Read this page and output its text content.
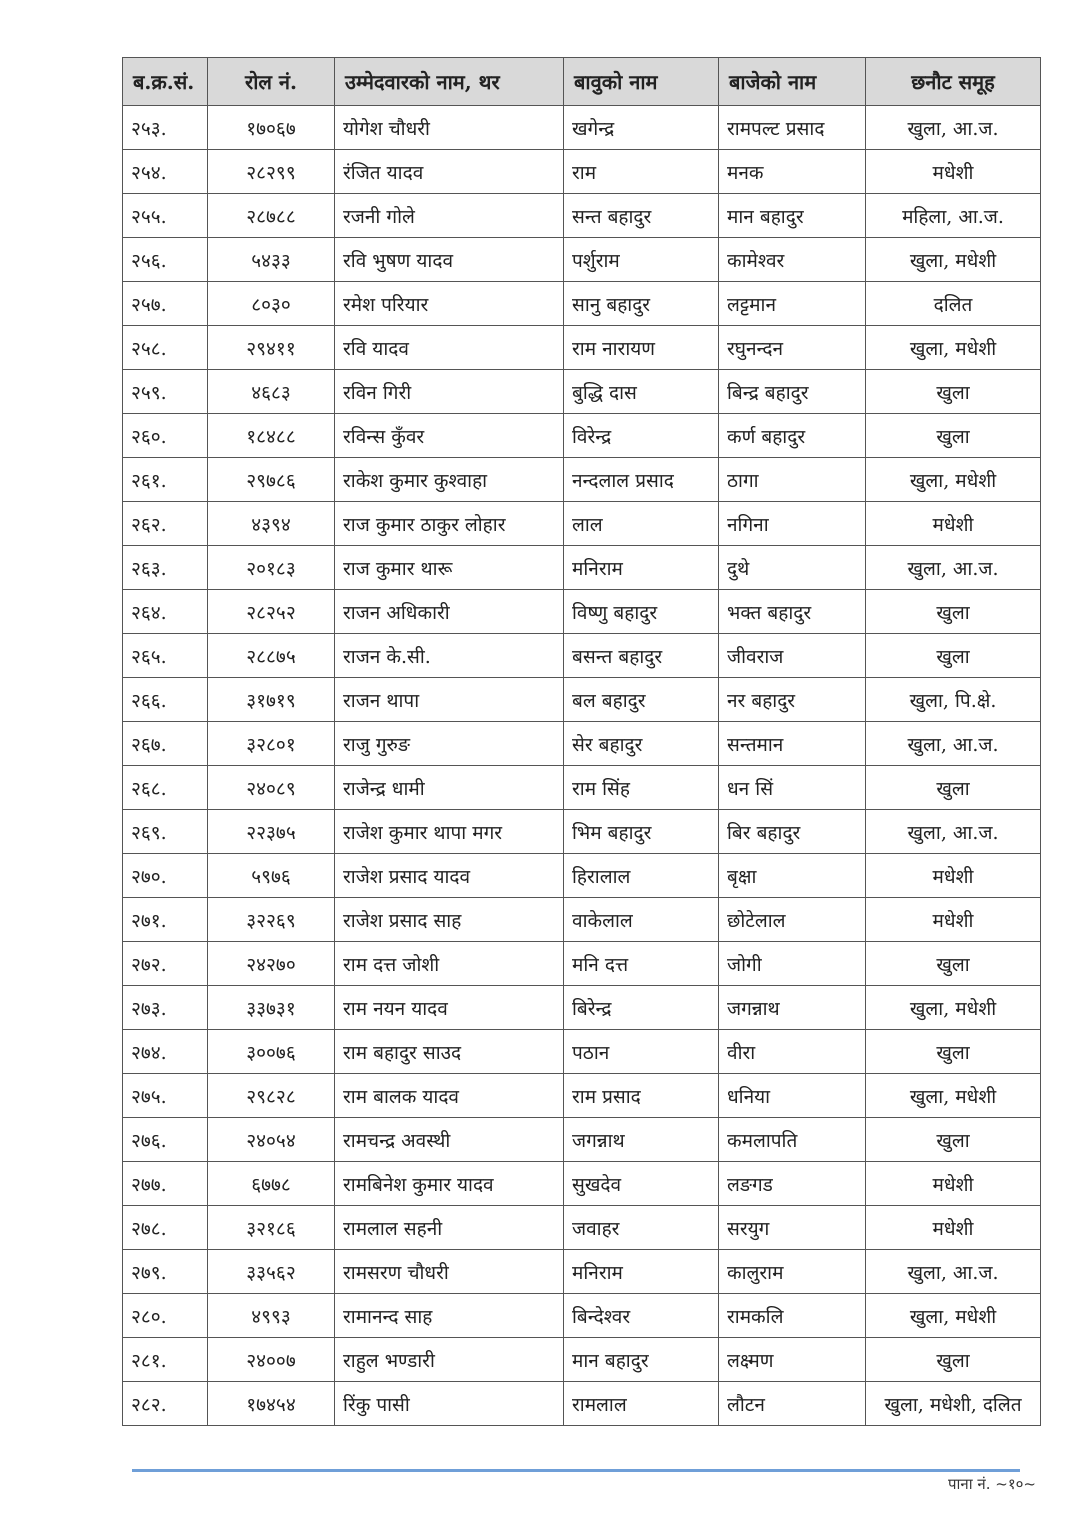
ब.क्र.सं.	रोल नं.	उम्मेदवारको नाम, थर	बावुको नाम	बाजेको नाम	छनौट समूह
२५३.	१७०६७	योगेश चौधरी	खगेन्द्र	रामपल्ट प्रसाद	खुला, आ.ज.
२५४.	२८२९९	रंजित यादव	राम	मनक	मधेशी
२५५.	२८७८८	रजनी गोले	सन्त बहादुर	मान बहादुर	महिला, आ.ज.
२५६.	५४३३	रवि भुषण यादव	पर्शुराम	कामेश्वर	खुला, मधेशी
२५७.	८०३०	रमेश परियार	सानु बहादुर	लट्टमान	दलित
२५८.	२९४११	रवि यादव	राम नारायण	रघुनन्दन	खुला, मधेशी
२५९.	४६८३	रविन गिरी	बुद्धि दास	बिन्द्र बहादुर	खुला
२६०.	१८४८८	रविन्स कुँवर	विरेन्द्र	कर्ण बहादुर	खुला
२६१.	२९७८६	राकेश कुमार कुश्वाहा	नन्दलाल प्रसाद	ठागा	खुला, मधेशी
२६२.	४३९४	राज कुमार ठाकुर लोहार	लाल	नगिना	मधेशी
२६३.	२०१८३	राज कुमार थारू	मनिराम	दुथे	खुला, आ.ज.
२६४.	२८२५२	राजन अधिकारी	विष्णु बहादुर	भक्त बहादुर	खुला
२६५.	२८८७५	राजन के.सी.	बसन्त बहादुर	जीवराज	खुला
२६६.	३१७१९	राजन थापा	बल बहादुर	नर बहादुर	खुला, पि.क्षे.
२६७.	३२८०१	राजु गुरुङ	सेर बहादुर	सन्तमान	खुला, आ.ज.
२६८.	२४०८९	राजेन्द्र धामी	राम सिंह	धन सिं	खुला
२६९.	२२३७५	राजेश कुमार थापा मगर	भिम बहादुर	बिर बहादुर	खुला, आ.ज.
२७०.	५९७६	राजेश प्रसाद यादव	हिरालाल	बृक्षा	मधेशी
२७१.	३२२६९	राजेश प्रसाद साह	वाकेलाल	छोटेलाल	मधेशी
२७२.	२४२७०	राम दत्त जोशी	मनि दत्त	जोगी	खुला
२७३.	३३७३१	राम नयन यादव	बिरेन्द्र	जगन्नाथ	खुला, मधेशी
२७४.	३००७६	राम बहादुर साउद	पठान	वीरा	खुला
२७५.	२९८२८	राम बालक यादव	राम प्रसाद	धनिया	खुला, मधेशी
२७६.	२४०५४	रामचन्द्र अवस्थी	जगन्नाथ	कमलापति	खुला
२७७.	६७७८	रामबिनेश कुमार यादव	सुखदेव	लङगड	मधेशी
२७८.	३२१८६	रामलाल सहनी	जवाहर	सरयुग	मधेशी
२७९.	३३५६२	रामसरण चौधरी	मनिराम	कालुराम	खुला, आ.ज.
२८०.	४९९३	रामानन्द साह	बिन्देश्वर	रामकलि	खुला, मधेशी
२८१.	२४००७	राहुल भण्डारी	मान बहादुर	लक्ष्मण	खुला
२८२.	१७४५४	रिंकु पासी	रामलाल	लौटन	खुला, मधेशी, दलित
पाना नं. ~१०~
